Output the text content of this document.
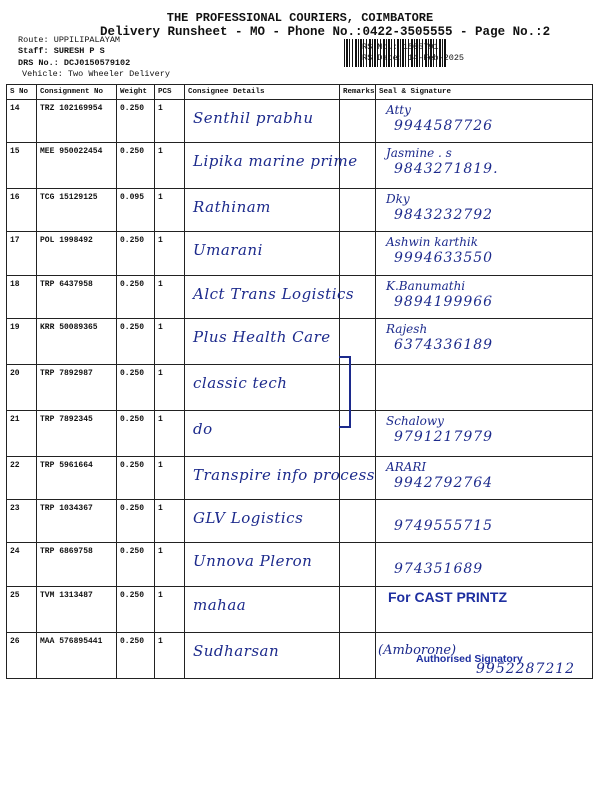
THE PROFESSIONAL COURIERS, COIMBATORE
Delivery Runsheet - MO - Phone No.:0422-3505555 - Page No.:2
Route: UPPILIPALAYAM
Staff: SURESH P S
DRS No.: DCJ0150579102
Vehicle: Two Wheeler Delivery
RS No.: 1505791
RS Date: 14-Feb-2025
S No	Consignment No	Weight	PCS	Consignee Details	Remarks	Seal & Signature
14	TRZ 102169954	0.250	1	Senthil prabhu		Atty
9944587726

15	MEE 950022454	0.250	1	Lipika marine prime		Jasmine . s
9843271819.

16	TCG 15129125	0.095	1	Rathinam		Dky
9843232792

17	POL 1998492	0.250	1	Umarani		Ashwin karthik
9994633550

18	TRP 6437958	0.250	1	Alct Trans Logistics		K.Banumathi
9894199966

19	KRR 50089365	0.250	1	Plus Health Care		Rajesh
6374336189

20	TRP 7892987	0.250	1	classic tech		

21	TRP 7892345	0.250	1	do		Schalowy
9791217979

22	TRP 5961664	0.250	1	Transpire info process		ARARI
9942792764

23	TRP 1034367	0.250	1	GLV Logistics		9749555715

24	TRP 6869758	0.250	1	Unnova Pleron		974351689

25	TVM 1313487	0.250	1	mahaa		For CAST PRINTZ

26	MAA 576895441	0.250	1	Sudharsan		Authorised Signatory
9952287212
(Amborone)
